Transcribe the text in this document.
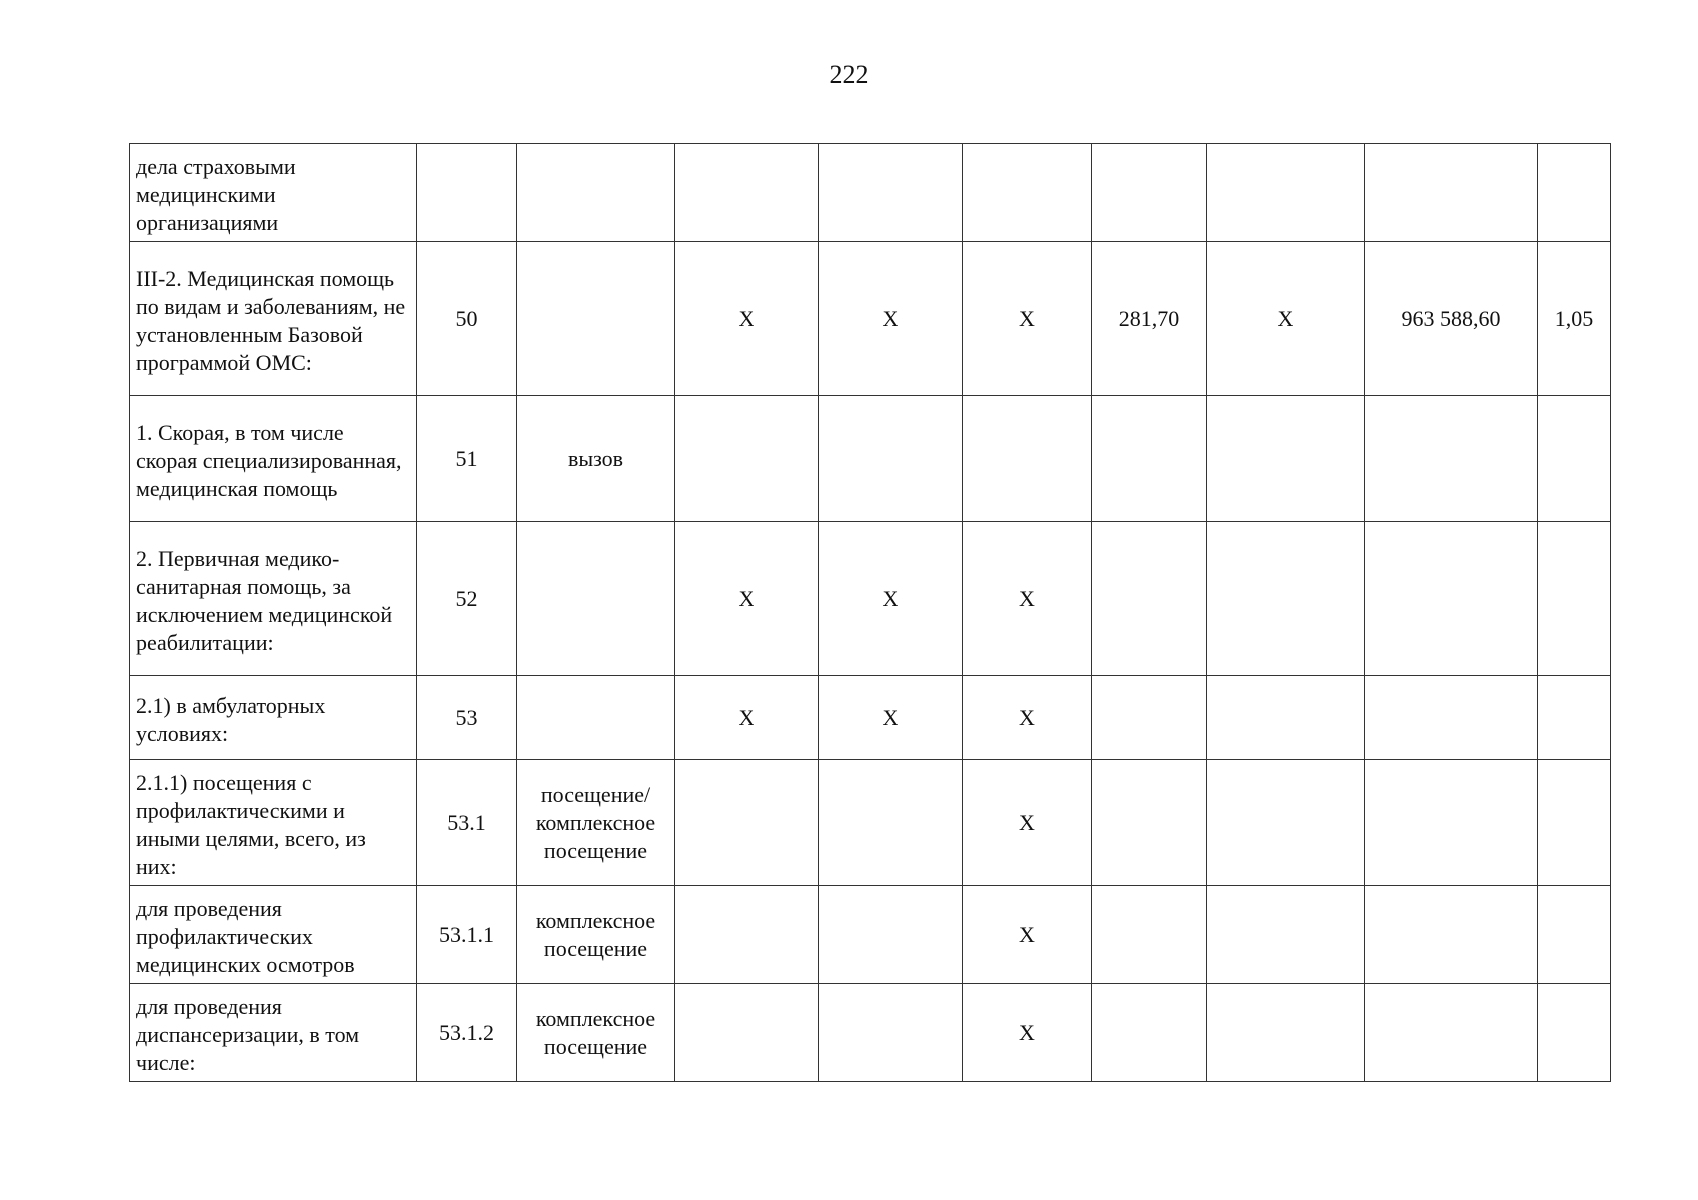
222
дела страховыми медицинскими организациями									
III-2. Медицинская помощь по видам и заболеваниям, не установленным Базовой программой ОМС:	50		X	X	X	281,70	X	963 588,60	1,05
1. Скорая, в том числе скорая специализированная, медицинская помощь	51	вызов							
2. Первичная медико-санитарная помощь, за исключением медицинской реабилитации:	52		X	X	X				
2.1) в амбулаторных условиях:	53		X	X	X				
2.1.1) посещения с профилактическими и иными целями, всего, из них:	53.1	посещение/ комплексное посещение			X				
для проведения профилактических медицинских осмотров	53.1.1	комплексное посещение			X				
для проведения диспансеризации, в том числе:	53.1.2	комплексное посещение			X				
